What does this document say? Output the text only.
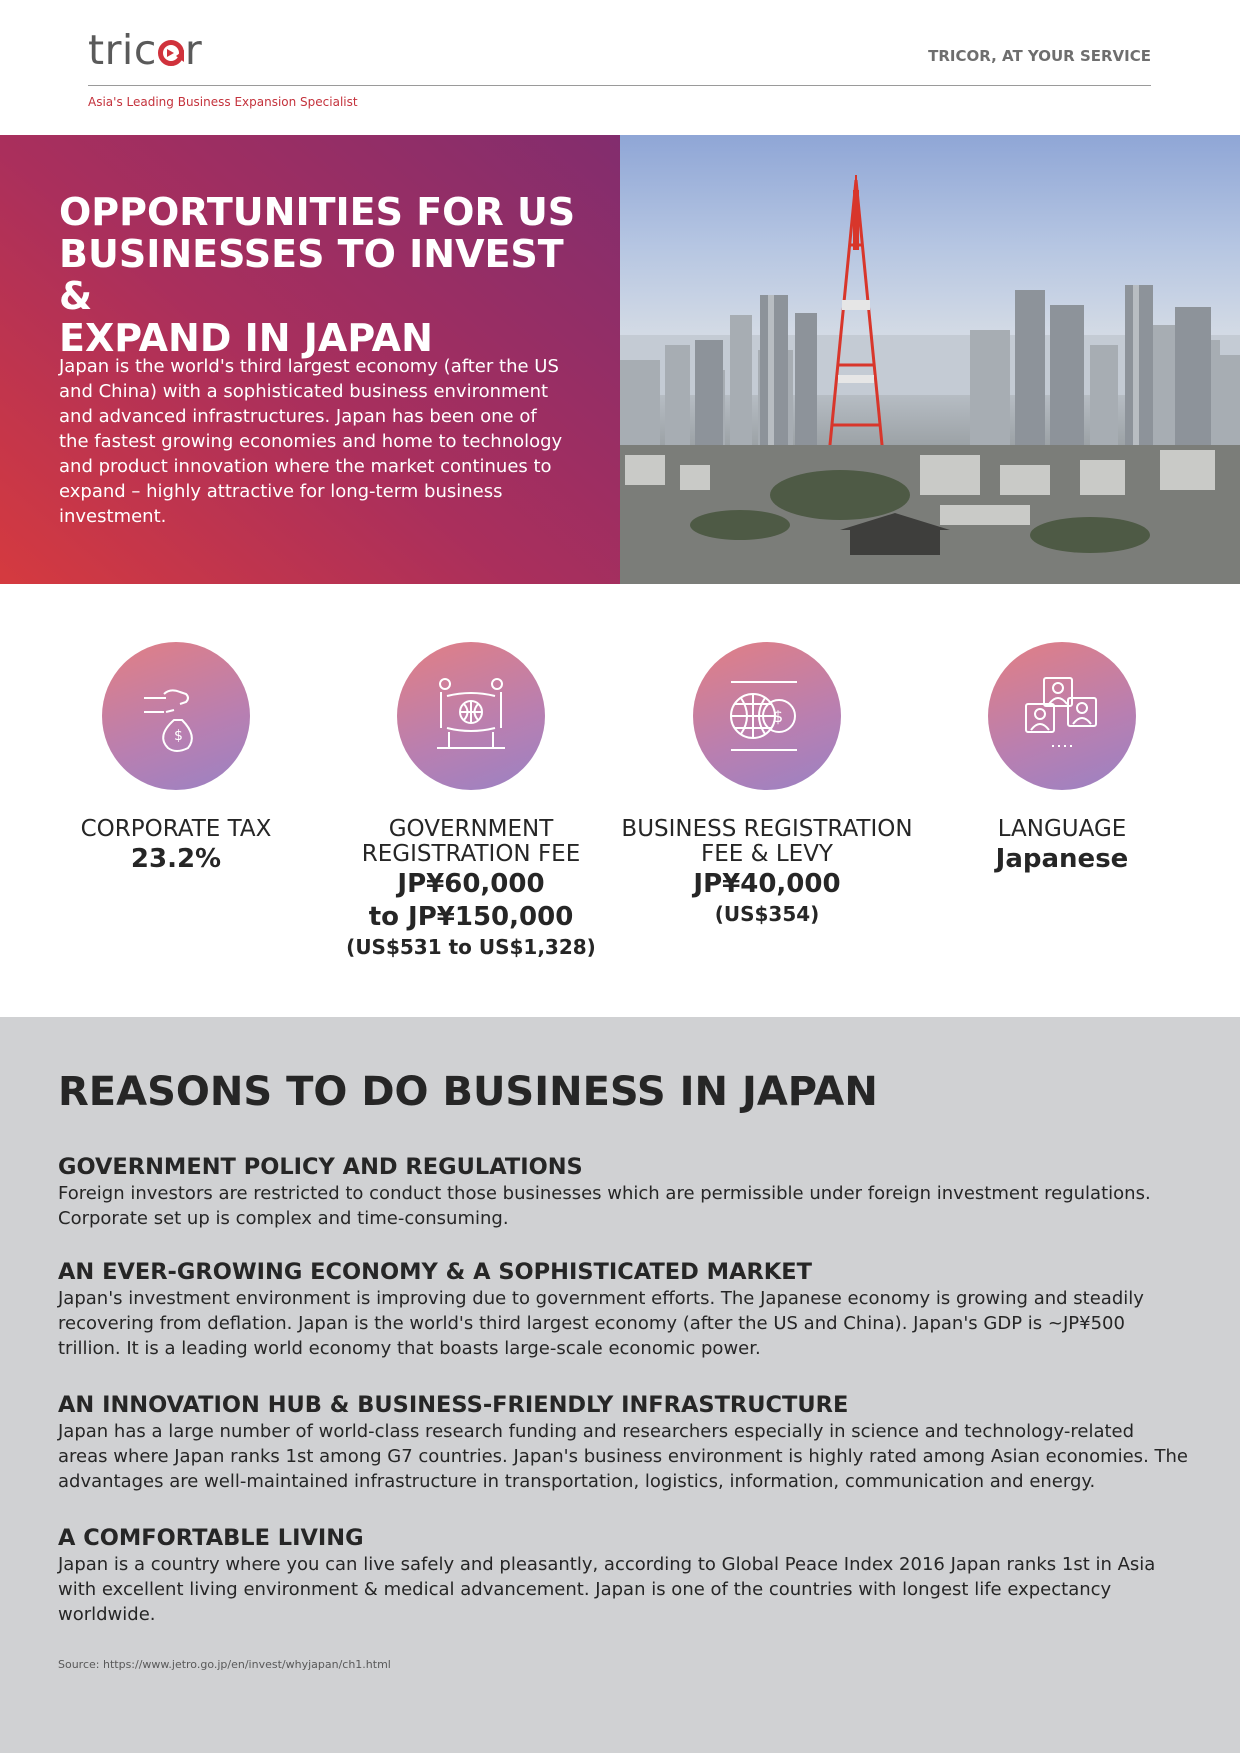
tric r
Asia's Leading Business Expansion Specialist
TRICOR, AT YOUR SERVICE
OPPORTUNITIES FOR US
BUSINESSES TO INVEST &
EXPAND IN JAPAN
Japan is the world's third largest economy (after the US and China) with a sophisticated business environment and advanced infrastructures. Japan has been one of the fastest growing economies and home to technology and product innovation where the market continues to expand – highly attractive for long-term business investment.
$
CORPORATE TAX
23.2%
GOVERNMENT
REGISTRATION FEE
JP¥60,000
to JP¥150,000
(US$531 to US$1,328)
$
BUSINESS REGISTRATION
FEE & LEVY
JP¥40,000
(US$354)
LANGUAGE
Japanese
REASONS TO DO BUSINESS IN JAPAN
GOVERNMENT POLICY AND REGULATIONS

Foreign investors are restricted to conduct those businesses which are permissible under foreign investment regulations. Corporate set up is complex and time-consuming.

AN EVER-GROWING ECONOMY & A SOPHISTICATED MARKET

Japan's investment environment is improving due to government efforts. The Japanese economy is growing and steadily recovering from deflation. Japan is the world's third largest economy (after the US and China). Japan's GDP is ~JP¥500 trillion. It is a leading world economy that boasts large-scale economic power.

AN INNOVATION HUB & BUSINESS-FRIENDLY INFRASTRUCTURE

Japan has a large number of world-class research funding and researchers especially in science and technology-related areas where Japan ranks 1st among G7 countries. Japan's business environment is highly rated among Asian economies. The advantages are well-maintained infrastructure in transportation, logistics, information, communication and energy.

A COMFORTABLE LIVING

Japan is a country where you can live safely and pleasantly, according to Global Peace Index 2016 Japan ranks 1st in Asia with excellent living environment & medical advancement. Japan is one of the countries with longest life expectancy worldwide.

Source: https://www.jetro.go.jp/en/invest/whyjapan/ch1.html
